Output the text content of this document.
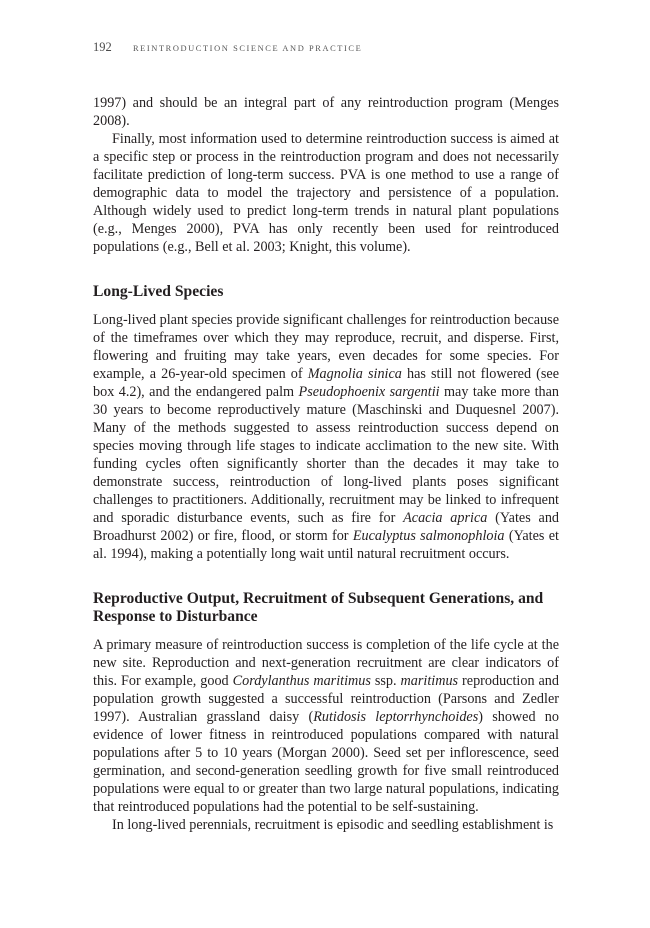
192	REINTRODUCTION SCIENCE AND PRACTICE

1997) and should be an integral part of any reintroduction program (Menges 2008).

Finally, most information used to determine reintroduction success is aimed at a specific step or process in the reintroduction program and does not necessarily facilitate prediction of long-term success. PVA is one method to use a range of demographic data to model the trajectory and persistence of a population. Although widely used to predict long-term trends in natural plant populations (e.g., Menges 2000), PVA has only recently been used for reintroduced populations (e.g., Bell et al. 2003; Knight, this volume).

Long-Lived Species

Long-lived plant species provide significant challenges for reintroduction because of the timeframes over which they may reproduce, recruit, and disperse. First, flowering and fruiting may take years, even decades for some species. For example, a 26-year-old specimen of Magnolia sinica has still not flowered (see box 4.2), and the endangered palm Pseudophoenix sargentii may take more than 30 years to become reproductively mature (Maschinski and Duquesnel 2007). Many of the methods suggested to assess reintroduction success depend on species moving through life stages to indicate acclimation to the new site. With funding cycles often significantly shorter than the decades it may take to demonstrate success, reintroduction of long-lived plants poses significant challenges to practitioners. Additionally, recruitment may be linked to infrequent and sporadic disturbance events, such as fire for Acacia aprica (Yates and Broadhurst 2002) or fire, flood, or storm for Eucalyptus salmonophloia (Yates et al. 1994), making a potentially long wait until natural recruitment occurs.

Reproductive Output, Recruitment of Subsequent Generations, and Response to Disturbance

A primary measure of reintroduction success is completion of the life cycle at the new site. Reproduction and next-generation recruitment are clear indicators of this. For example, good Cordylanthus maritimus ssp. maritimus reproduction and population growth suggested a successful reintroduction (Parsons and Zedler 1997). Australian grassland daisy (Rutidosis leptorrhynchoides) showed no evidence of lower fitness in reintroduced populations compared with natural populations after 5 to 10 years (Morgan 2000). Seed set per inflorescence, seed germination, and second-generation seedling growth for five small reintroduced populations were equal to or greater than two large natural populations, indicating that reintroduced populations had the potential to be self-sustaining.

In long-lived perennials, recruitment is episodic and seedling establishment is
